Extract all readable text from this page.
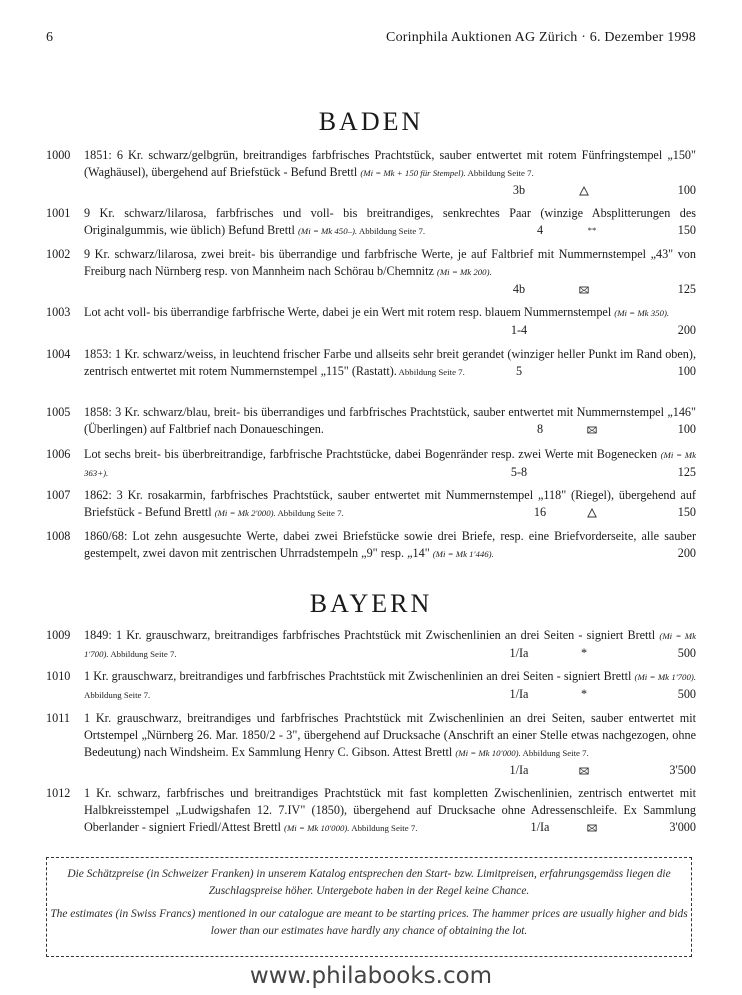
6	Corinphila Auktionen AG Zürich · 6. Dezember 1998
BADEN
1000	1851: 6 Kr. schwarz/gelbgrün, breitrandiges farbfrisches Prachtstück, sauber entwertet mit rotem Fünfringstempel „150" (Waghäusel), übergehend auf Briefstück - Befund Brettl (Mi = Mk + 150 für Stempel). Abbildung Seite 7.
3b	100
1001	9 Kr. schwarz/lilarosa, farbfrisches und voll- bis breitrandiges, senkrechtes Paar (winzige Absplitterungen des Originalgummis, wie üblich) Befund Brettl (Mi = Mk 450–). Abbildung Seite 7.	4	**	150
1002	9 Kr. schwarz/lilarosa, zwei breit- bis überrandige und farbfrische Werte, je auf Faltbrief mit Nummernstempel „43" von Freiburg nach Nürnberg resp. von Mannheim nach Schörau b/Chemnitz (Mi = Mk 200).
4b	125
1003	Lot acht voll- bis überrandige farbfrische Werte, dabei je ein Wert mit rotem resp. blauem Nummernstempel (Mi = Mk 350).
1-4	200
1004	1853: 1 Kr. schwarz/weiss, in leuchtend frischer Farbe und allseits sehr breit gerandet (winziger heller Punkt im Rand oben), zentrisch entwertet mit rotem Nummernstempel „115" (Rastatt). Abbildung Seite 7.	5	100
1005	1858: 3 Kr. schwarz/blau, breit- bis überrandiges und farbfrisches Prachtstück, sauber entwertet mit Nummernstempel „146" (Überlingen) auf Faltbrief nach Donaueschingen.	8	100
1006	Lot sechs breit- bis überbreitrandige, farbfrische Prachtstücke, dabei Bogenränder resp. zwei Werte mit Bogenecken (Mi = Mk 363+).	5-8	125
1007	1862: 3 Kr. rosakarmin, farbfrisches Prachtstück, sauber entwertet mit Nummernstempel „118" (Riegel), übergehend auf Briefstück - Befund Brettl (Mi = Mk 2'000). Abbildung Seite 7.	16	150
1008	1860/68: Lot zehn ausgesuchte Werte, dabei zwei Briefstücke sowie drei Briefe, resp. eine Briefvorderseite, alle sauber gestempelt, zwei davon mit zentrischen Uhrradstempeln „9" resp. „14" (Mi = Mk 1'446).	200
BAYERN
1009	1849: 1 Kr. grauschwarz, breitrandiges farbfrisches Prachtstück mit Zwischenlinien an drei Seiten - signiert Brettl (Mi = Mk 1'700). Abbildung Seite 7.	1/Ia	*	500
1010	1 Kr. grauschwarz, breitrandiges und farbfrisches Prachtstück mit Zwischenlinien an drei Seiten - signiert Brettl (Mi = Mk 1'700). Abbildung Seite 7.	1/Ia	*	500
1011	1 Kr. grauschwarz, breitrandiges und farbfrisches Prachtstück mit Zwischenlinien an drei Seiten, sauber entwertet mit Ortstempel „Nürnberg 26. Mar. 1850/2 - 3", übergehend auf Drucksache (Anschrift an einer Stelle etwas nachgezogen, ohne Bedeutung) nach Windsheim. Ex Sammlung Henry C. Gibson. Attest Brettl (Mi = Mk 10'000). Abbildung Seite 7.
1/Ia	3'500
1012	1 Kr. schwarz, farbfrisches und breitrandiges Prachtstück mit fast kompletten Zwischenlinien, zentrisch entwertet mit Halbkreisstempel „Ludwigshafen 12. 7.IV" (1850), übergehend auf Drucksache ohne Adressenschleife. Ex Sammlung Oberlander - signiert Friedl/Attest Brettl (Mi = Mk 10'000). Abbildung Seite 7.	1/Ia	3'000

Die Schätzpreise (in Schweizer Franken) in unserem Katalog entsprechen den Start- bzw. Limitpreisen, erfahrungsgemäss liegen die Zuschlagspreise höher. Untergebote haben in der Regel keine Chance.

The estimates (in Swiss Francs) mentioned in our catalogue are meant to be starting prices. The hammer prices are usually higher and bids lower than our estimates have hardly any chance of obtaining the lot.

www.philabooks.com
